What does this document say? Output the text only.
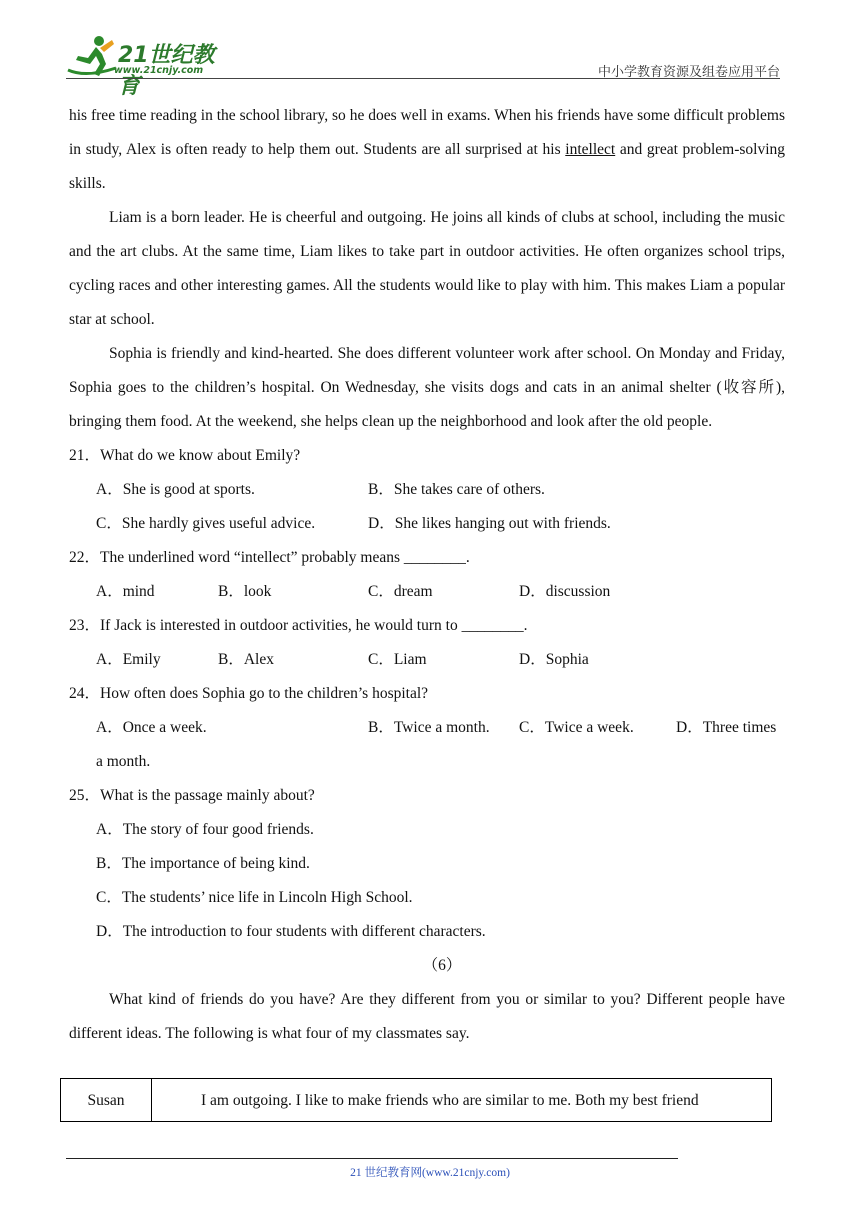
21世纪教育
www.21cnjy.com	中小学教育资源及组卷应用平台

his free time reading in the school library, so he does well in exams. When his friends have some difficult problems in study, Alex is often ready to help them out. Students are all surprised at his intellect and great problem-solving skills.

Liam is a born leader. He is cheerful and outgoing. He joins all kinds of clubs at school, including the music and the art clubs. At the same time, Liam likes to take part in outdoor activities. He often organizes school trips, cycling races and other interesting games. All the students would like to play with him. This makes Liam a popular star at school.

Sophia is friendly and kind-hearted. She does different volunteer work after school. On Monday and Friday, Sophia goes to the children’s hospital. On Wednesday, she visits dogs and cats in an animal shelter (收容所), bringing them food. At the weekend, she helps clean up the neighborhood and look after the old people.

21．What do we know about Emily?

A．She is good at sports.	B．She takes care of others.
C．She hardly gives useful advice.	D．She likes hanging out with friends.

22．The underlined word “intellect” probably means ________.

A．mind	B．look	C．dream	D．discussion

23．If Jack is interested in outdoor activities, he would turn to ________.

A．Emily	B．Alex	C．Liam	D．Sophia

24．How often does Sophia go to the children’s hospital?

A．Once a week.	B．Twice a month. C．Twice a week.	D．Three times

a month.

25．What is the passage mainly about?

A．The story of four good friends.

B．The importance of being kind.

C．The students’ nice life in Lincoln High School.

D．The introduction to four students with different characters.

（6）

What kind of friends do you have? Are they different from you or similar to you? Different people have different ideas. The following is what four of my classmates say.

Susan	I am outgoing. I like to make friends who are similar to me. Both my best friend
21 世纪教育网(www.21cnjy.com)
